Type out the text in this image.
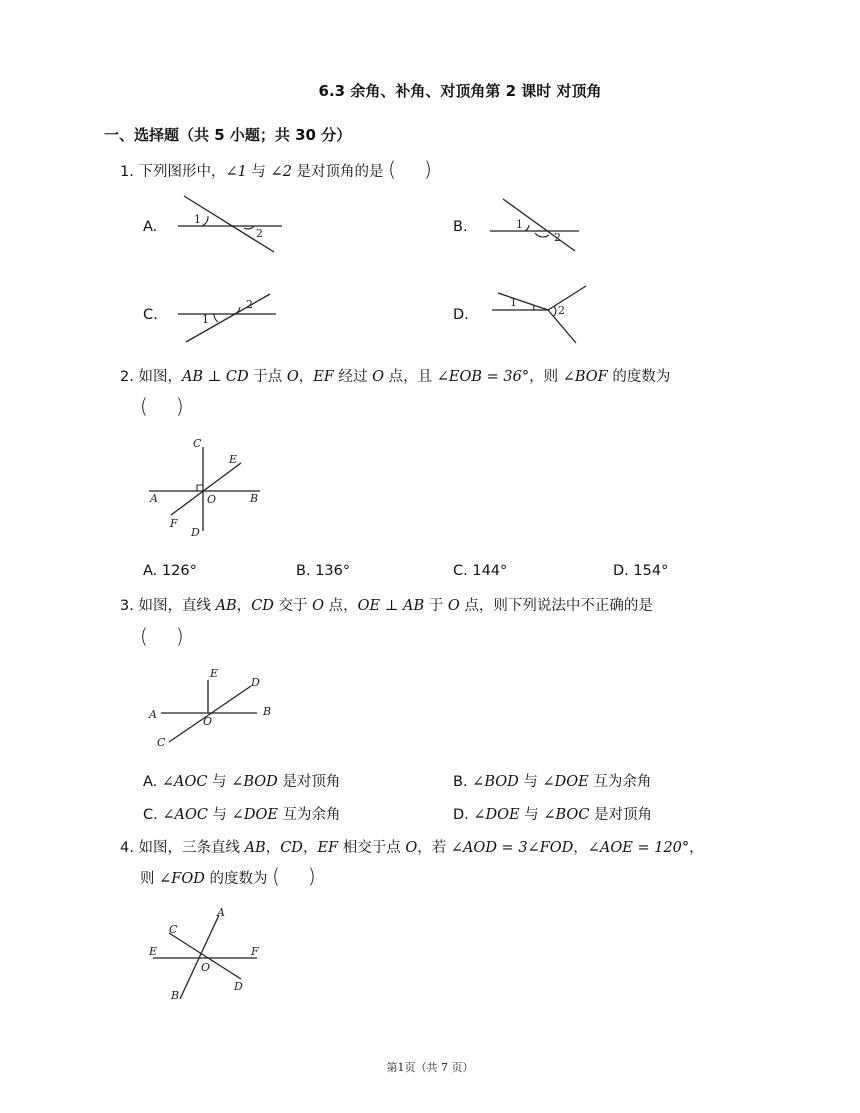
6.3 余角、补角、对顶角第 2 课时 对顶角
一、选择题（共 5 小题；共 30 分）
1. 下列图形中，∠1 与 ∠2 是对顶角的是 ( )
A.	B.
C.	D.
1
2
1
2
1
2	1
2
2. 如图，AB ⊥ CD 于点 O，EF 经过 O 点，且 ∠EOB = 36°，则 ∠BOF 的度数为
( )
C
E
A	O	B
F
D
A. 126°	B. 136°	C. 144°	D. 154°
3. 如图，直线 AB，CD 交于 O 点，OE ⊥ AB 于 O 点，则下列说法中不正确的是
( )
E
D
A
O
B
C
A. ∠AOC 与 ∠BOD 是对顶角	B. ∠BOD 与 ∠DOE 互为余角
C. ∠AOC 与 ∠DOE 互为余角	D. ∠DOE 与 ∠BOC 是对顶角
4. 如图，三条直线 AB，CD，EF 相交于点 O，若 ∠AOD = 3∠FOD，∠AOE = 120°，
则 ∠FOD 的度数为 ( )
A
C
E	F
O
B
D
第1页（共 7 页）
